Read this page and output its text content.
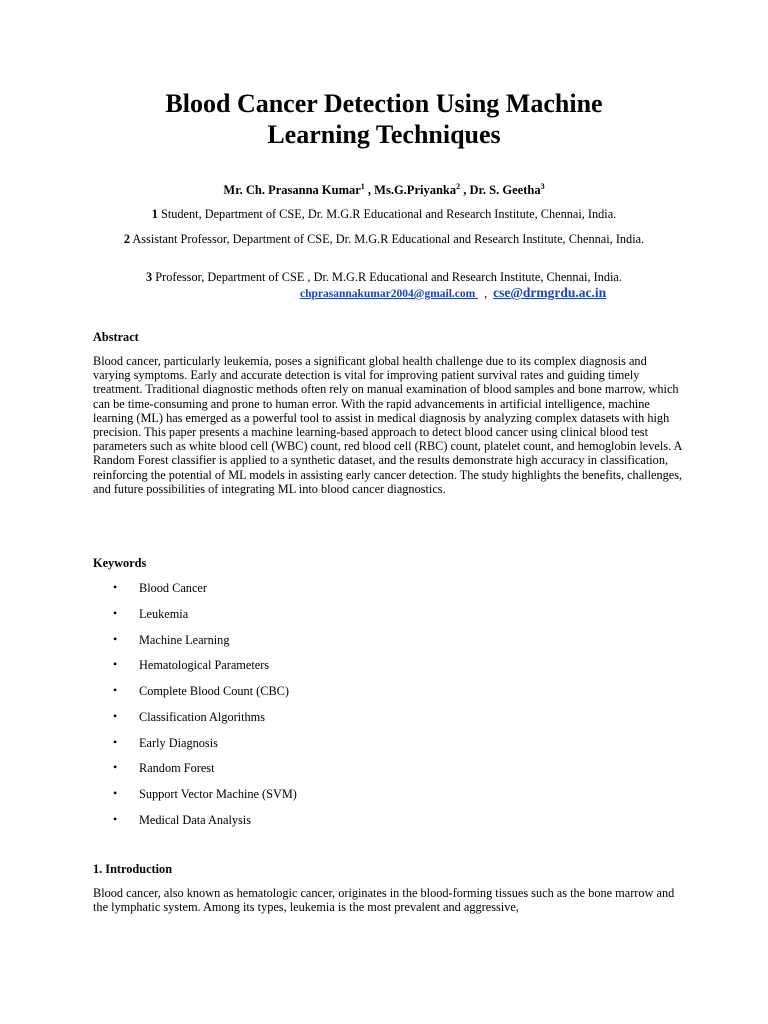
Blood Cancer Detection Using Machine
Learning Techniques
Mr. Ch. Prasanna Kumar$^1$ , Ms.G.Priyanka$^2$ , Dr. S. Geetha$^3$
1 Student, Department of CSE, Dr. M.G.R Educational and Research Institute, Chennai, India.
2 Assistant Professor, Department of CSE, Dr. M.G.R Educational and Research Institute, Chennai, India.
3 Professor, Department of CSE , Dr. M.G.R Educational and Research Institute, Chennai, India.
chprasannakumar2004@gmail.com , cse@drmgrdu.ac.in
Abstract
Blood cancer, particularly leukemia, poses a significant global health challenge due to its complex diagnosis and varying symptoms. Early and accurate detection is vital for improving patient survival rates and guiding timely treatment. Traditional diagnostic methods often rely on manual examination of blood samples and bone marrow, which can be time-consuming and prone to human error. With the rapid advancements in artificial intelligence, machine learning (ML) has emerged as a powerful tool to assist in medical diagnosis by analyzing complex datasets with high precision. This paper presents a machine learning-based approach to detect blood cancer using clinical blood test parameters such as white blood cell (WBC) count, red blood cell (RBC) count, platelet count, and hemoglobin levels. A Random Forest classifier is applied to a synthetic dataset, and the results demonstrate high accuracy in classification, reinforcing the potential of ML models in assisting early cancer detection. The study highlights the benefits, challenges, and future possibilities of integrating ML into blood cancer diagnostics.
Keywords
• Blood Cancer
• Leukemia
• Machine Learning
• Hematological Parameters
• Complete Blood Count (CBC)
• Classification Algorithms
• Early Diagnosis
• Random Forest
• Support Vector Machine (SVM)
• Medical Data Analysis
1. Introduction
Blood cancer, also known as hematologic cancer, originates in the blood-forming tissues such as the bone marrow and the lymphatic system. Among its types, leukemia is the most prevalent and aggressive,
